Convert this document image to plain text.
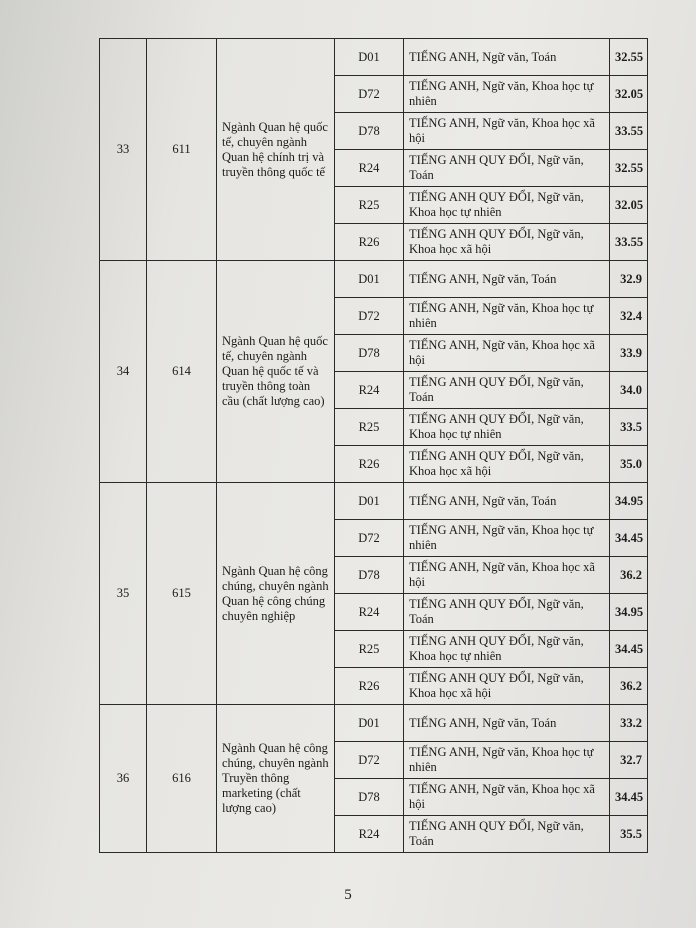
33	611	Ngành Quan hệ quốc tế, chuyên ngành Quan hệ chính trị và truyền thông quốc tế	D01	TIẾNG ANH, Ngữ văn, Toán	32.55
			D72	TIẾNG ANH, Ngữ văn, Khoa học tự nhiên	32.05
			D78	TIẾNG ANH, Ngữ văn, Khoa học xã hội	33.55
			R24	TIẾNG ANH QUY ĐỔI, Ngữ văn, Toán	32.55
			R25	TIẾNG ANH QUY ĐỔI, Ngữ văn, Khoa học tự nhiên	32.05
			R26	TIẾNG ANH QUY ĐỔI, Ngữ văn, Khoa học xã hội	33.55
34	614	Ngành Quan hệ quốc tế, chuyên ngành Quan hệ quốc tế và truyền thông toàn cầu (chất lượng cao)	D01	TIẾNG ANH, Ngữ văn, Toán	32.9
			D72	TIẾNG ANH, Ngữ văn, Khoa học tự nhiên	32.4
			D78	TIẾNG ANH, Ngữ văn, Khoa học xã hội	33.9
			R24	TIẾNG ANH QUY ĐỔI, Ngữ văn, Toán	34.0
			R25	TIẾNG ANH QUY ĐỔI, Ngữ văn, Khoa học tự nhiên	33.5
			R26	TIẾNG ANH QUY ĐỔI, Ngữ văn, Khoa học xã hội	35.0
35	615	Ngành Quan hệ công chúng, chuyên ngành Quan hệ công chúng chuyên nghiệp	D01	TIẾNG ANH, Ngữ văn, Toán	34.95
			D72	TIẾNG ANH, Ngữ văn, Khoa học tự nhiên	34.45
			D78	TIẾNG ANH, Ngữ văn, Khoa học xã hội	36.2
			R24	TIẾNG ANH QUY ĐỔI, Ngữ văn, Toán	34.95
			R25	TIẾNG ANH QUY ĐỔI, Ngữ văn, Khoa học tự nhiên	34.45
			R26	TIẾNG ANH QUY ĐỔI, Ngữ văn, Khoa học xã hội	36.2
36	616	Ngành Quan hệ công chúng, chuyên ngành Truyền thông marketing (chất lượng cao)	D01	TIẾNG ANH, Ngữ văn, Toán	33.2
			D72	TIẾNG ANH, Ngữ văn, Khoa học tự nhiên	32.7
			D78	TIẾNG ANH, Ngữ văn, Khoa học xã hội	34.45
			R24	TIẾNG ANH QUY ĐỔI, Ngữ văn, Toán	35.5
5
